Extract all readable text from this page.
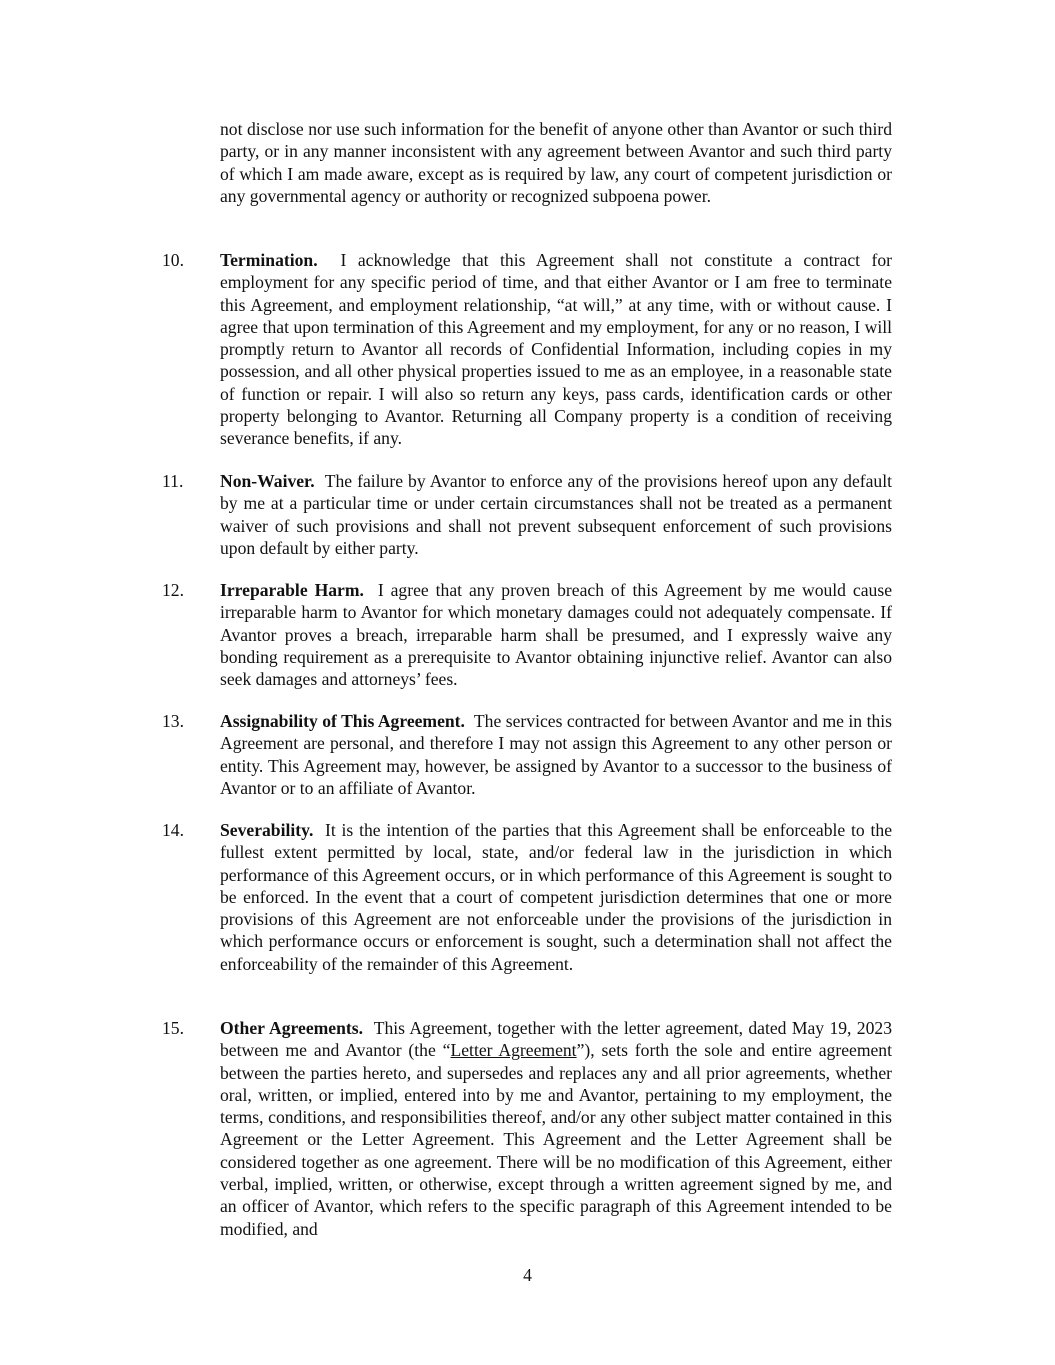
not disclose nor use such information for the benefit of anyone other than Avantor or such third party, or in any manner inconsistent with any agreement between Avantor and such third party of which I am made aware, except as is required by law, any court of competent jurisdiction or any governmental agency or authority or recognized subpoena power.

10. Termination. I acknowledge that this Agreement shall not constitute a contract for employment for any specific period of time, and that either Avantor or I am free to terminate this Agreement, and employment relationship, “at will,” at any time, with or without cause. I agree that upon termination of this Agreement and my employment, for any or no reason, I will promptly return to Avantor all records of Confidential Information, including copies in my possession, and all other physical properties issued to me as an employee, in a reasonable state of function or repair. I will also so return any keys, pass cards, identification cards or other property belonging to Avantor. Returning all Company property is a condition of receiving severance benefits, if any.

11. Non-Waiver. The failure by Avantor to enforce any of the provisions hereof upon any default by me at a particular time or under certain circumstances shall not be treated as a permanent waiver of such provisions and shall not prevent subsequent enforcement of such provisions upon default by either party.

12. Irreparable Harm. I agree that any proven breach of this Agreement by me would cause irreparable harm to Avantor for which monetary damages could not adequately compensate. If Avantor proves a breach, irreparable harm shall be presumed, and I expressly waive any bonding requirement as a prerequisite to Avantor obtaining injunctive relief. Avantor can also seek damages and attorneys’ fees.

13. Assignability of This Agreement. The services contracted for between Avantor and me in this Agreement are personal, and therefore I may not assign this Agreement to any other person or entity. This Agreement may, however, be assigned by Avantor to a successor to the business of Avantor or to an affiliate of Avantor.

14. Severability. It is the intention of the parties that this Agreement shall be enforceable to the fullest extent permitted by local, state, and/or federal law in the jurisdiction in which performance of this Agreement occurs, or in which performance of this Agreement is sought to be enforced. In the event that a court of competent jurisdiction determines that one or more provisions of this Agreement are not enforceable under the provisions of the jurisdiction in which performance occurs or enforcement is sought, such a determination shall not affect the enforceability of the remainder of this Agreement.

15. Other Agreements. This Agreement, together with the letter agreement, dated May 19, 2023 between me and Avantor (the “Letter Agreement”), sets forth the sole and entire agreement between the parties hereto, and supersedes and replaces any and all prior agreements, whether oral, written, or implied, entered into by me and Avantor, pertaining to my employment, the terms, conditions, and responsibilities thereof, and/or any other subject matter contained in this Agreement or the Letter Agreement. This Agreement and the Letter Agreement shall be considered together as one agreement. There will be no modification of this Agreement, either verbal, implied, written, or otherwise, except through a written agreement signed by me, and an officer of Avantor, which refers to the specific paragraph of this Agreement intended to be modified, and

4
